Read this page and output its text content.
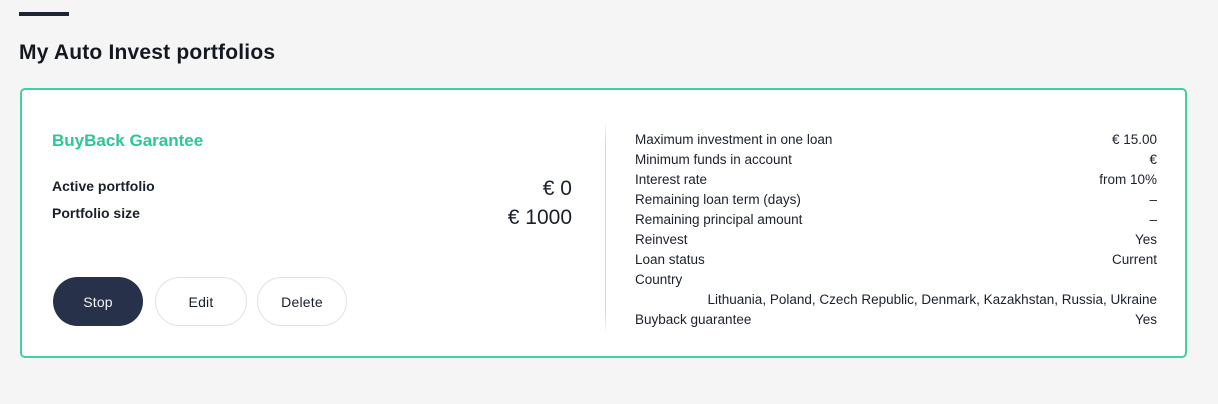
My Auto Invest portfolios
BuyBack Garantee
Active portfolio	€ 0
Portfolio size	€ 1000
Stop	Edit	Delete
Maximum investment in one loan	€ 15.00
Minimum funds in account	€
Interest rate	from 10%
Remaining loan term (days)	–
Remaining principal amount	–
Reinvest	Yes
Loan status	Current
Country
Lithuania, Poland, Czech Republic, Denmark, Kazakhstan, Russia, Ukraine
Buyback guarantee	Yes
